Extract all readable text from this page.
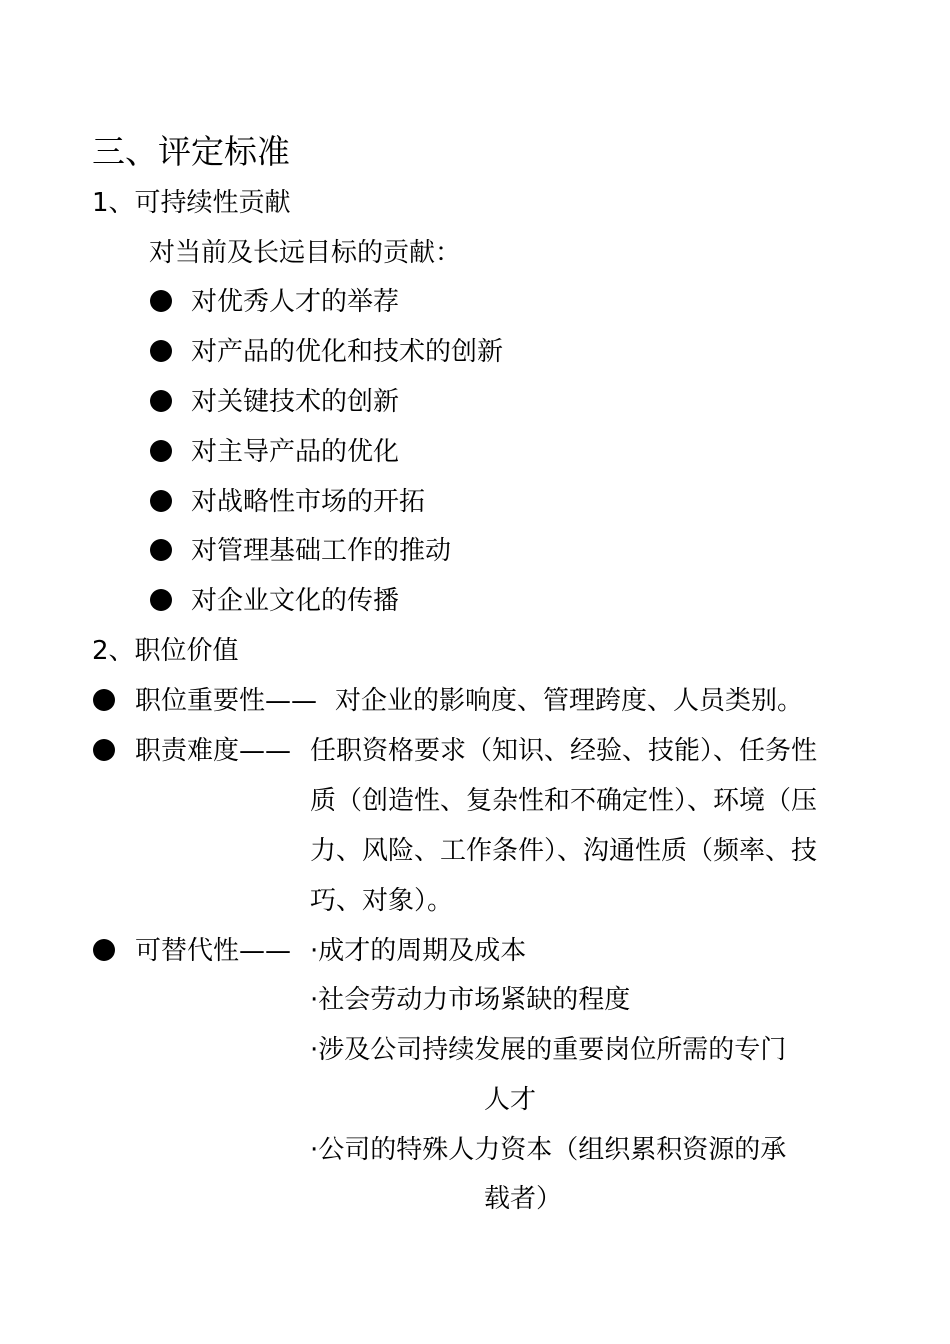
三、评定标准
1、可持续性贡献
对当前及长远目标的贡献：
对优秀人才的举荐
对产品的优化和技术的创新
对关键技术的创新
对主导产品的优化
对战略性市场的开拓
对管理基础工作的推动
对企业文化的传播
2、职位价值
职位重要性—— 对企业的影响度、管理跨度、人员类别。
职责难度—— 任职资格要求（知识、经验、技能）、任务性
质（创造性、复杂性和不确定性）、环境（压
力、风险、工作条件）、沟通性质（频率、技
巧、对象）。
可替代性—— ·成才的周期及成本
·社会劳动力市场紧缺的程度
·涉及公司持续发展的重要岗位所需的专门
人才
·公司的特殊人力资本（组织累积资源的承
载者）
